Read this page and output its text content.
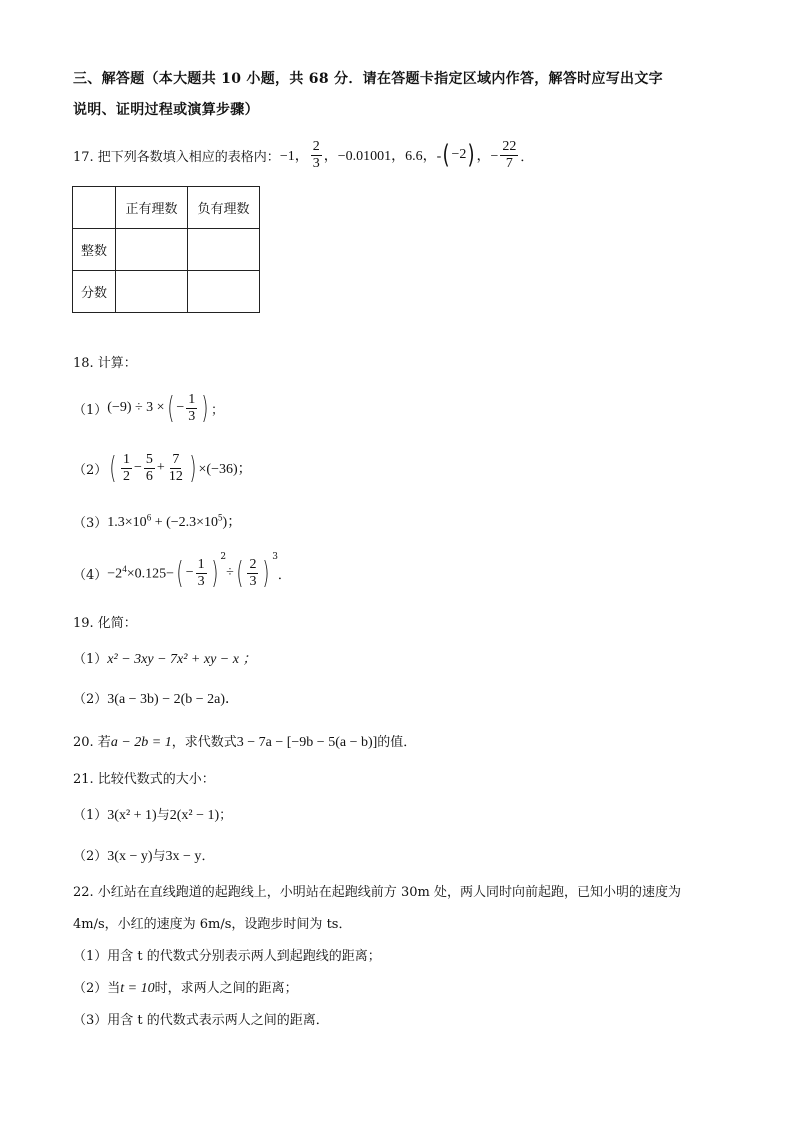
三、解答题（本大题共 10 小题，共 68 分．请在答题卡指定区域内作答，解答时应写出文字
说明、证明过程或演算步骤）
17. 把下列各数填入相应的表格内： −1， $\frac{2}{3}$ ，−0.01001，6.6，- ( −2 ) ，− $\frac{22}{7}$ ．
	正有理数	负有理数
整数		
分数		
18. 计算：
（1） (−9) ÷ 3 × ( − $\frac{1}{3}$ ) ；
（2） ( $\frac{1}{2} - \frac{5}{6} + \frac{7}{12}$ ) ×(−36)；
（3） $1.3\times 10^6 + (-2.3\times 10^5)$；
$(4) -2^4\times 0.125-$ ( − $\frac{1}{3}$ ) $^2$
÷ ( $\frac{2}{3}$ ) $^3$
．
19. 化简：
（1）x² − 3xy − 7x² + xy − x ；
（2）3(a − 3b) − 2(b − 2a)．
20. 若a − 2b = 1，求代数式3 − 7a − [−9b − 5(a − b)]的值．
21. 比较代数式的大小：
（1）3(x² + 1)与2(x² − 1)；
（2）3(x − y)与3x − y．
22. 小红站在直线跑道的起跑线上，小明站在起跑线前方 30m 处，两人同时向前起跑，已知小明的速度为
4m/s，小红的速度为 6m/s，设跑步时间为 ts．
（1）用含 t 的代数式分别表示两人到起跑线的距离；
（2）当t = 10时，求两人之间的距离；
（3）用含 t 的代数式表示两人之间的距离．
